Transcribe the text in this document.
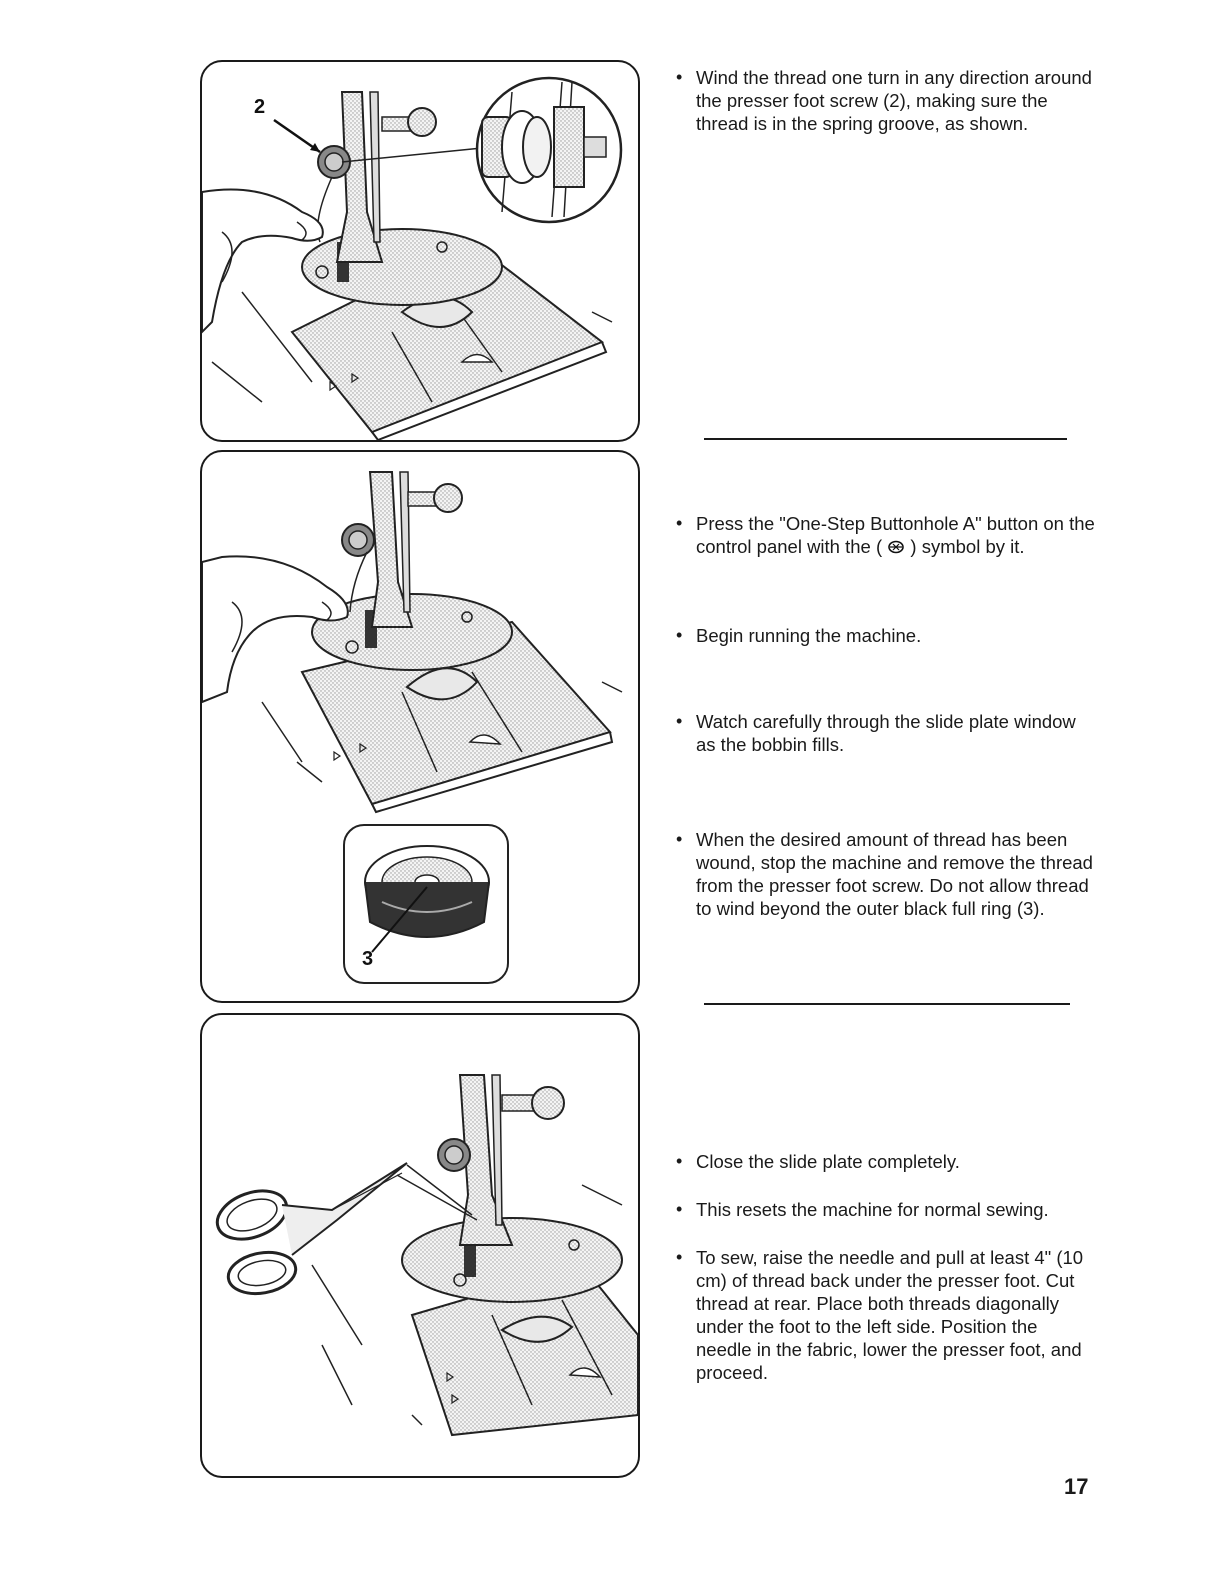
2
3
• Wind the thread one turn in any direction around the presser foot screw (2), making sure the thread is in the spring groove, as shown.
• Press the "One-Step Buttonhole A" button on the control panel with the ( ) symbol by it.
• Begin running the machine.
• Watch carefully through the slide plate window as the bobbin fills.
• When the desired amount of thread has been wound, stop the machine and remove the thread from the presser foot screw. Do not allow thread to wind beyond the outer black full ring (3).
• Close the slide plate completely.
• This resets the machine for normal sewing.
• To sew, raise the needle and pull at least 4" (10 cm) of thread back under the presser foot. Cut thread at rear. Place both threads diagonally under the foot to the left side. Position the needle in the fabric, lower the presser foot, and proceed.
17
